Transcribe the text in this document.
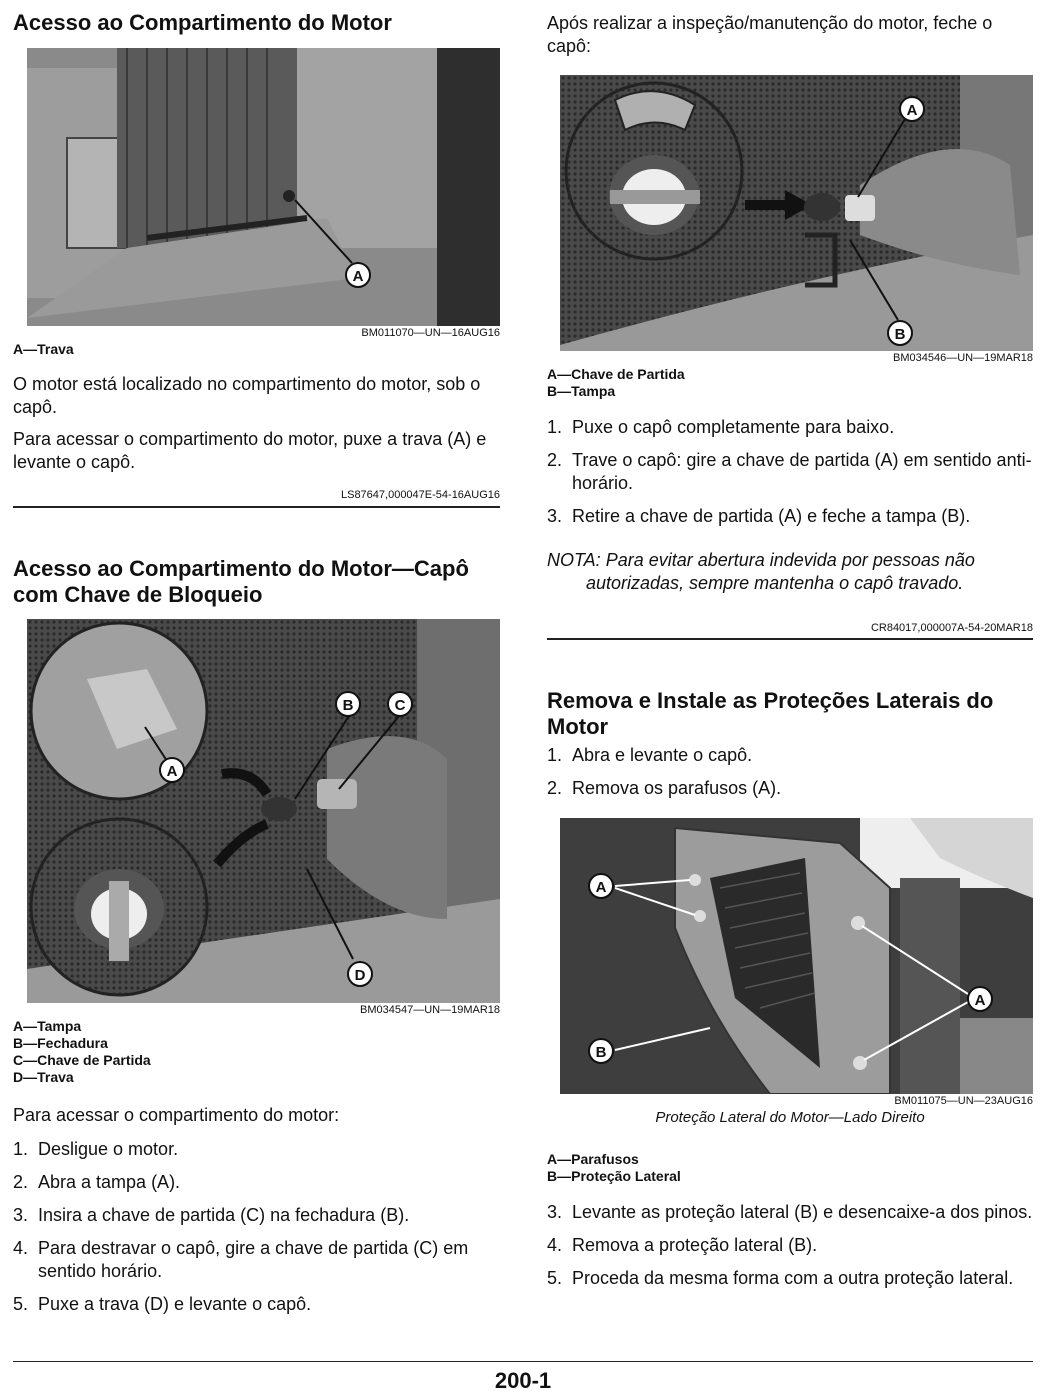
Acesso ao Compartimento do Motor
A
BM011070—UN—16AUG16
A—Trava

O motor está localizado no compartimento do motor, sob o capô.

Para acessar o compartimento do motor, puxe a trava (A) e levante o capô.

LS87647,000047E-54-16AUG16
Acesso ao Compartimento do Motor—Capô com Chave de Bloqueio
B	C
A
D
BM034547—UN—19MAR18
A—Tampa
B—Fechadura
C—Chave de Partida
D—Trava

Para acessar o compartimento do motor:

1. Desligue o motor.
2. Abra a tampa (A).
3. Insira a chave de partida (C) na fechadura (B).
4. Para destravar o capô, gire a chave de partida (C) em sentido horário.
5. Puxe a trava (D) e levante o capô.

Após realizar a inspeção/manutenção do motor, feche o capô:

A
B
BM034546—UN—19MAR18
A—Chave de Partida
B—Tampa
1. Puxe o capô completamente para baixo.
2. Trave o capô: gire a chave de partida (A) em sentido anti-horário.
3. Retire a chave de partida (A) e feche a tampa (B).
NOTA: Para evitar abertura indevida por pessoas não
autorizadas, sempre mantenha o capô travado.
CR84017,000007A-54-20MAR18
Remova e Instale as Proteções Laterais do Motor
1. Abra e levante o capô.
2. Remova os parafusos (A).
A
A
B
BM011075—UN—23AUG16
Proteção Lateral do Motor—Lado Direito
A—Parafusos
B—Proteção Lateral
3. Levante as proteção lateral (B) e desencaixe-a dos pinos.
4. Remova a proteção lateral (B).
5. Proceda da mesma forma com a outra proteção lateral.
200-1
